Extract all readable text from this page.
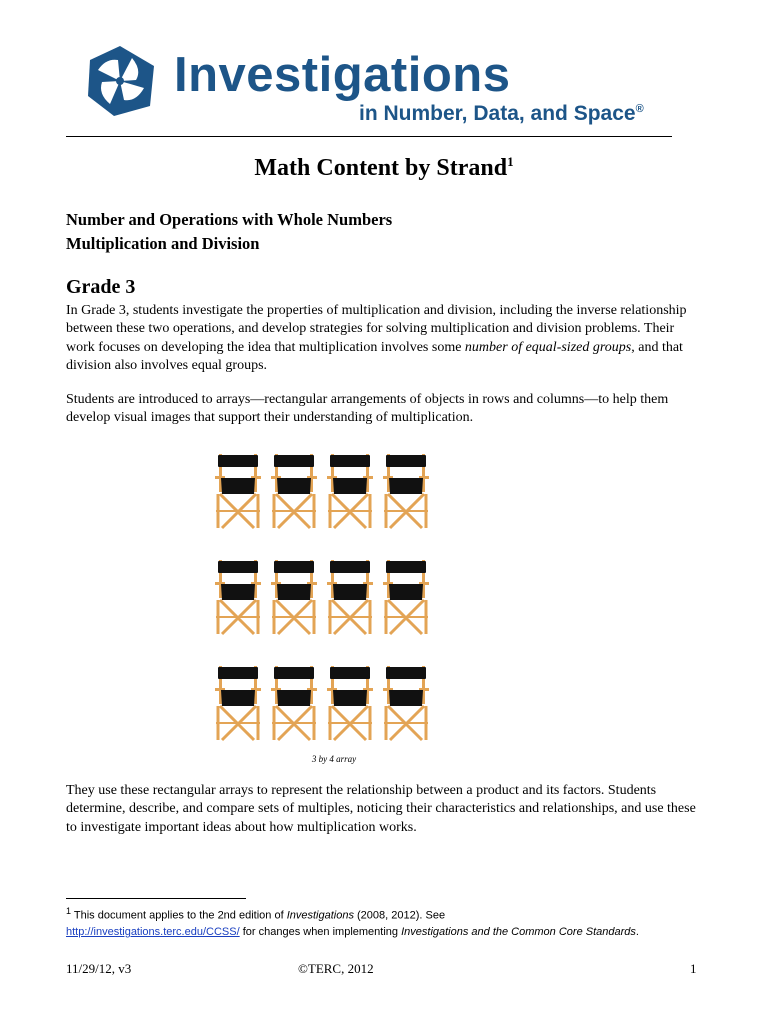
Investigations
in Number, Data, and Space®
Math Content by Strand$^1$
Number and Operations with Whole Numbers
Multiplication and Division
Grade 3
In Grade 3, students investigate the properties of multiplication and division, including the inverse relationship between these two operations, and develop strategies for solving multiplication and division problems. Their work focuses on developing the idea that multiplication involves some number of equal-sized groups, and that division also involves equal groups.
Students are introduced to arrays—rectangular arrangements of objects in rows and columns—to help them develop visual images that support their understanding of multiplication.
3 by 4 array
They use these rectangular arrays to represent the relationship between a product and its factors. Students determine, describe, and compare sets of multiples, noticing their characteristics and relationships, and use these to investigate important ideas about how multiplication works.
$^1$ This document applies to the 2nd edition of Investigations (2008, 2012). See
http://investigations.terc.edu/CCSS/ for changes when implementing Investigations and the Common Core Standards.
11/29/12, v3	©TERC, 2012	1
